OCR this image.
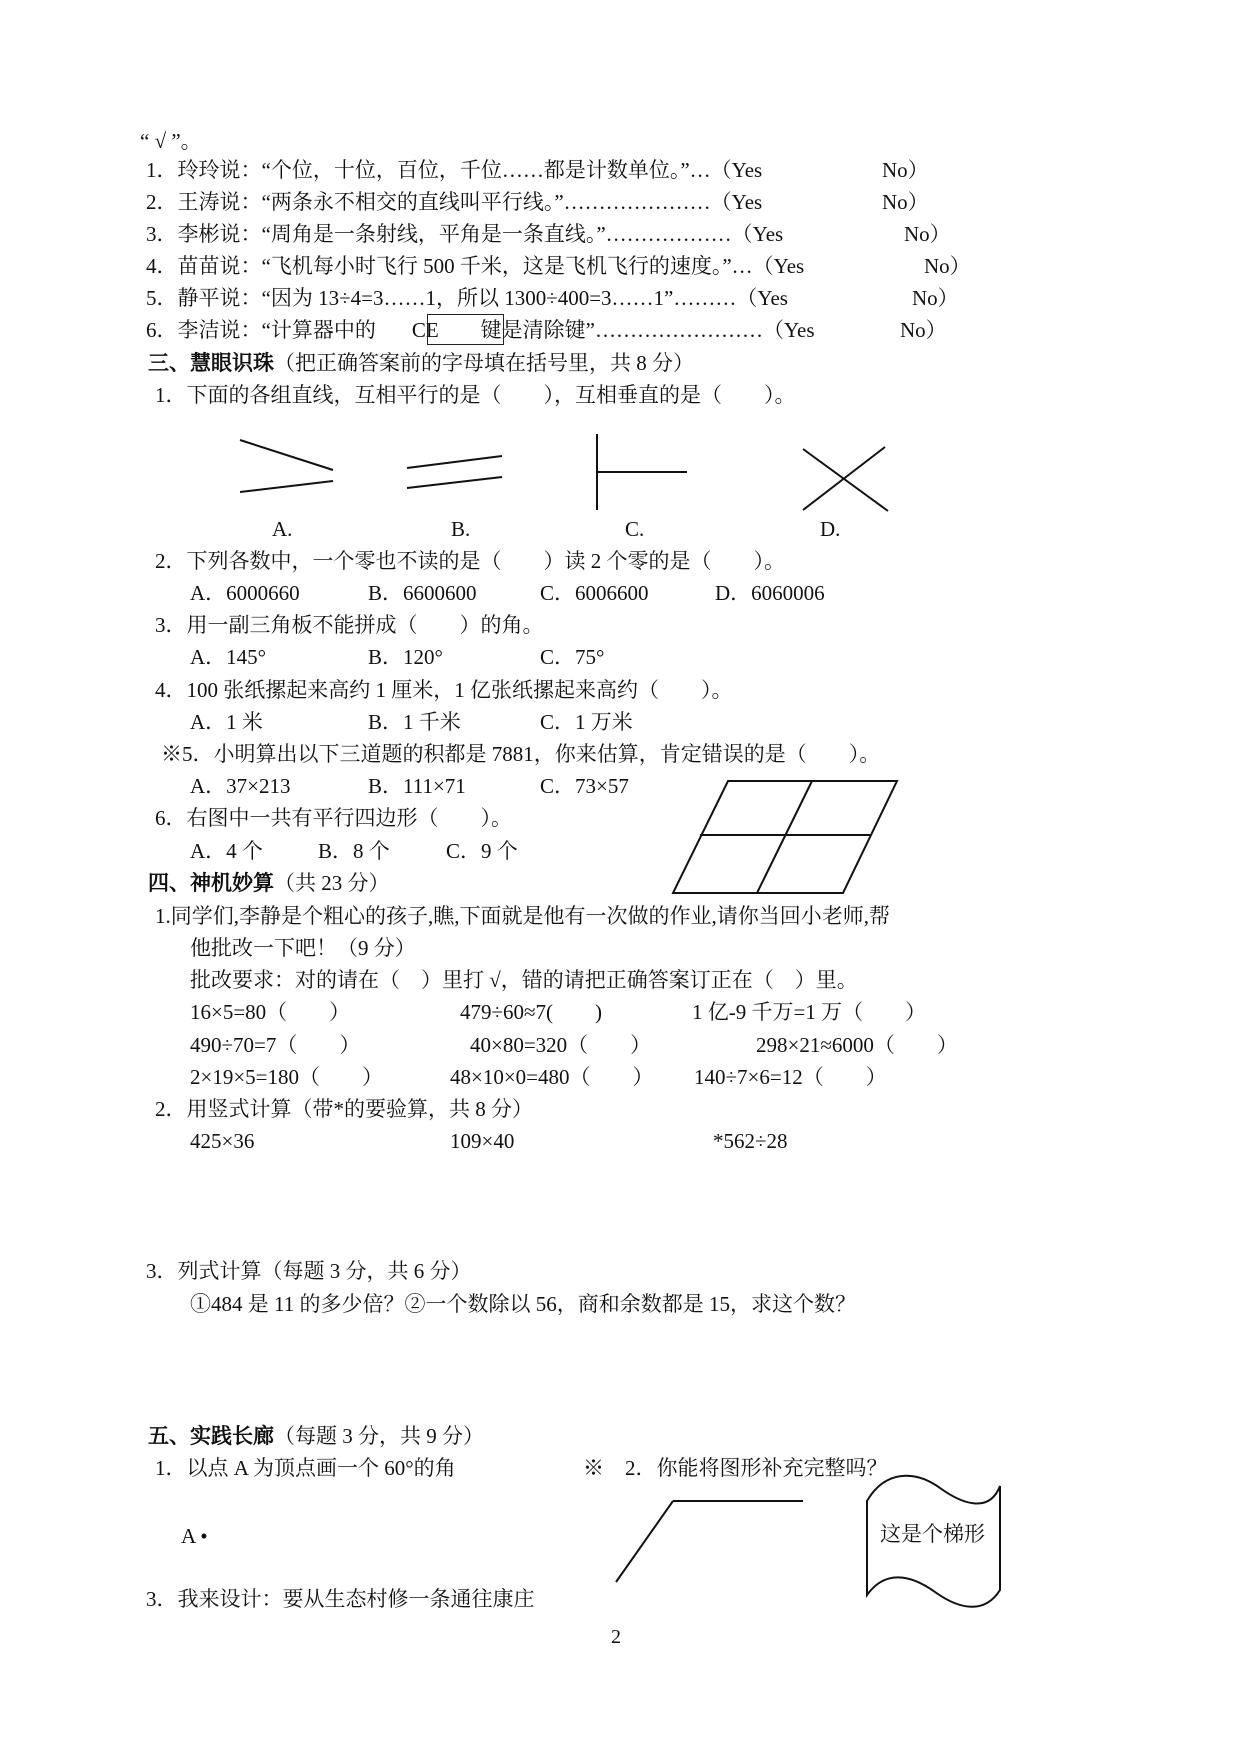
“ √ ”。
1．玲玲说：“个位，十位，百位，千位……都是计数单位。”…（Yes	No）
2．王涛说：“两条永不相交的直线叫平行线。”…………………（Yes	No）
3．李彬说：“周角是一条射线，平角是一条直线。”………………（Yes	No）
4．苗苗说：“飞机每小时飞行 500 千米，这是飞机飞行的速度。”…（Yes	No）
5．静平说：“因为 13÷4=3……1，所以 1300÷400=3……1”………（Yes	No）
6．李洁说：“计算器中的 CE 键是清除键”……………………（Yes	No）
三、慧眼识珠（把正确答案前的字母填在括号里，共 8 分）
1．下面的各组直线，互相平行的是（　　），互相垂直的是（　　）。
A.	B.	C.	D.
2．下列各数中，一个零也不读的是（　　）读 2 个零的是（　　）。
A．6000660	B．6600600	C．6006600	D．6060006
3．用一副三角板不能拼成（　　）的角。
A．145°	B．120°	C．75°
4．100 张纸摞起来高约 1 厘米，1 亿张纸摞起来高约（　　）。
A．1 米	B．1 千米	C．1 万米
※5．小明算出以下三道题的积都是 7881，你来估算，肯定错误的是（　　）。
A．37×213	B．111×71	C．73×57
6．右图中一共有平行四边形（　　）。
A．4 个	B．8 个	C．9 个
四、神机妙算（共 23 分）
1.同学们,李静是个粗心的孩子,瞧,下面就是他有一次做的作业,请你当回小老师,帮
他批改一下吧！（9 分）
批改要求：对的请在（　）里打 √，错的请把正确答案订正在（　）里。
16×5=80（　　）	479÷60≈7(　　)	1 亿-9 千万=1 万（　　）
490÷70=7（　　）	40×80=320（　　）	298×21≈6000（　　）
2×19×5=180（　　）	48×10×0=480（　　） 140÷7×6=12（　　）
2．用竖式计算（带*的要验算，共 8 分）
425×36	109×40	*562÷28
3．列式计算（每题 3 分，共 6 分）
①484 是 11 的多少倍？②一个数除以 56，商和余数都是 15，求这个数？
五、实践长廊（每题 3 分，共 9 分）
1．以点 A 为顶点画一个 60°的角	※　2．你能将图形补充完整吗？
A •	这是个梯形
3．我来设计：要从生态村修一条通往康庄
2
